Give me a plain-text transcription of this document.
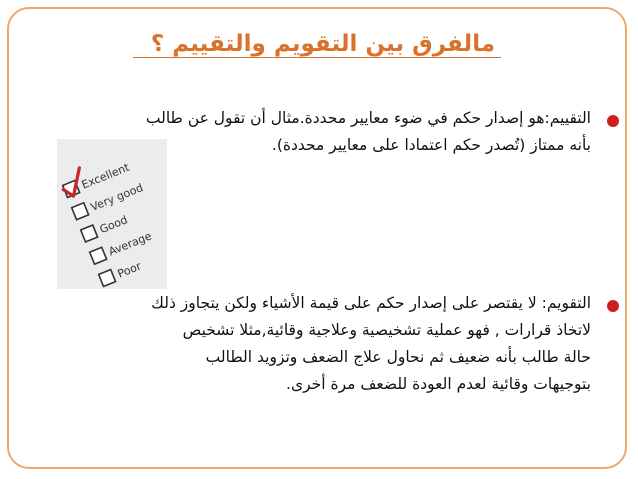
مالفرق بين التقويم والتقييم ؟
التقييم:هو إصدار حكم في ضوء معايير محددة.مثال أن تقول عن طالب
بأنه ممتاز (تُصدر حكم اعتمادا على معايير محددة).
Excellent
Very good
Good
Average
Poor
التقويم: لا يقتصر على إصدار حكم على قيمة الأشياء ولكن يتجاوز ذلك
لاتخاذ قرارات , فهو عملية تشخيصية وعلاجية وقائية,مثلا تشخيص
حالة طالب بأنه ضعيف ثم نحاول علاج الضعف وتزويد الطالب
بتوجيهات وقائية لعدم العودة للضعف مرة أخرى.
